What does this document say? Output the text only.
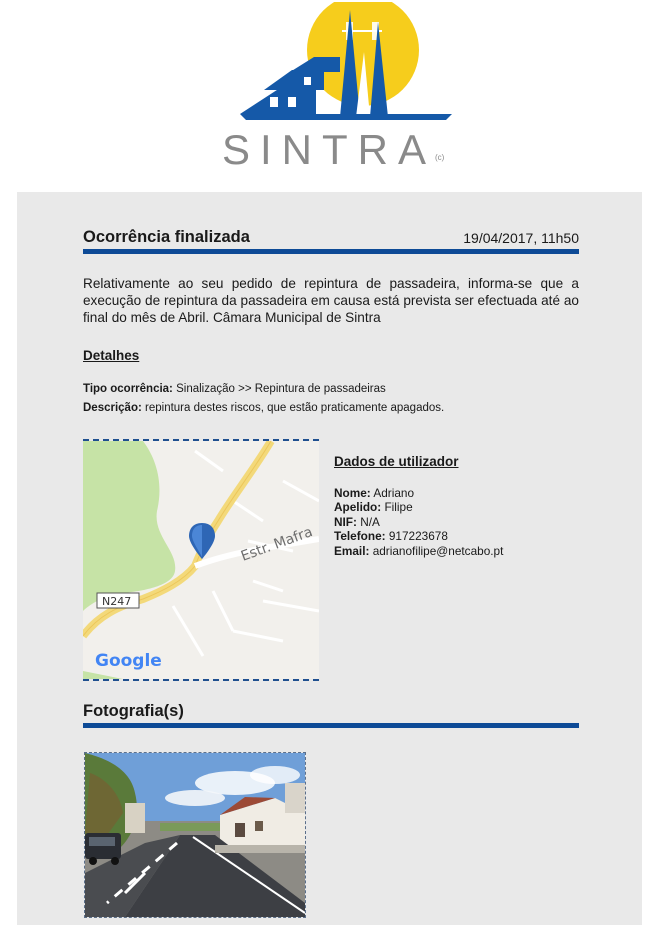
SINTRA
(c)
Ocorrência finalizada	19/04/2017, 11h50
Relativamente ao seu pedido de repintura de passadeira, informa-se que a execução de repintura da passadeira em causa está prevista ser efectuada até ao final do mês de Abril. Câmara Municipal de Sintra
Detalhes
Tipo ocorrência: Sinalização >> Repintura de passadeiras
Descrição: repintura destes riscos, que estão praticamente apagados.
Estr. Mafra
N247
Google
Dados de utilizador
Nome: Adriano
Apelido: Filipe
NIF: N/A
Telefone: 917223678
Email: adrianofilipe@netcabo.pt
Fotografia(s)
